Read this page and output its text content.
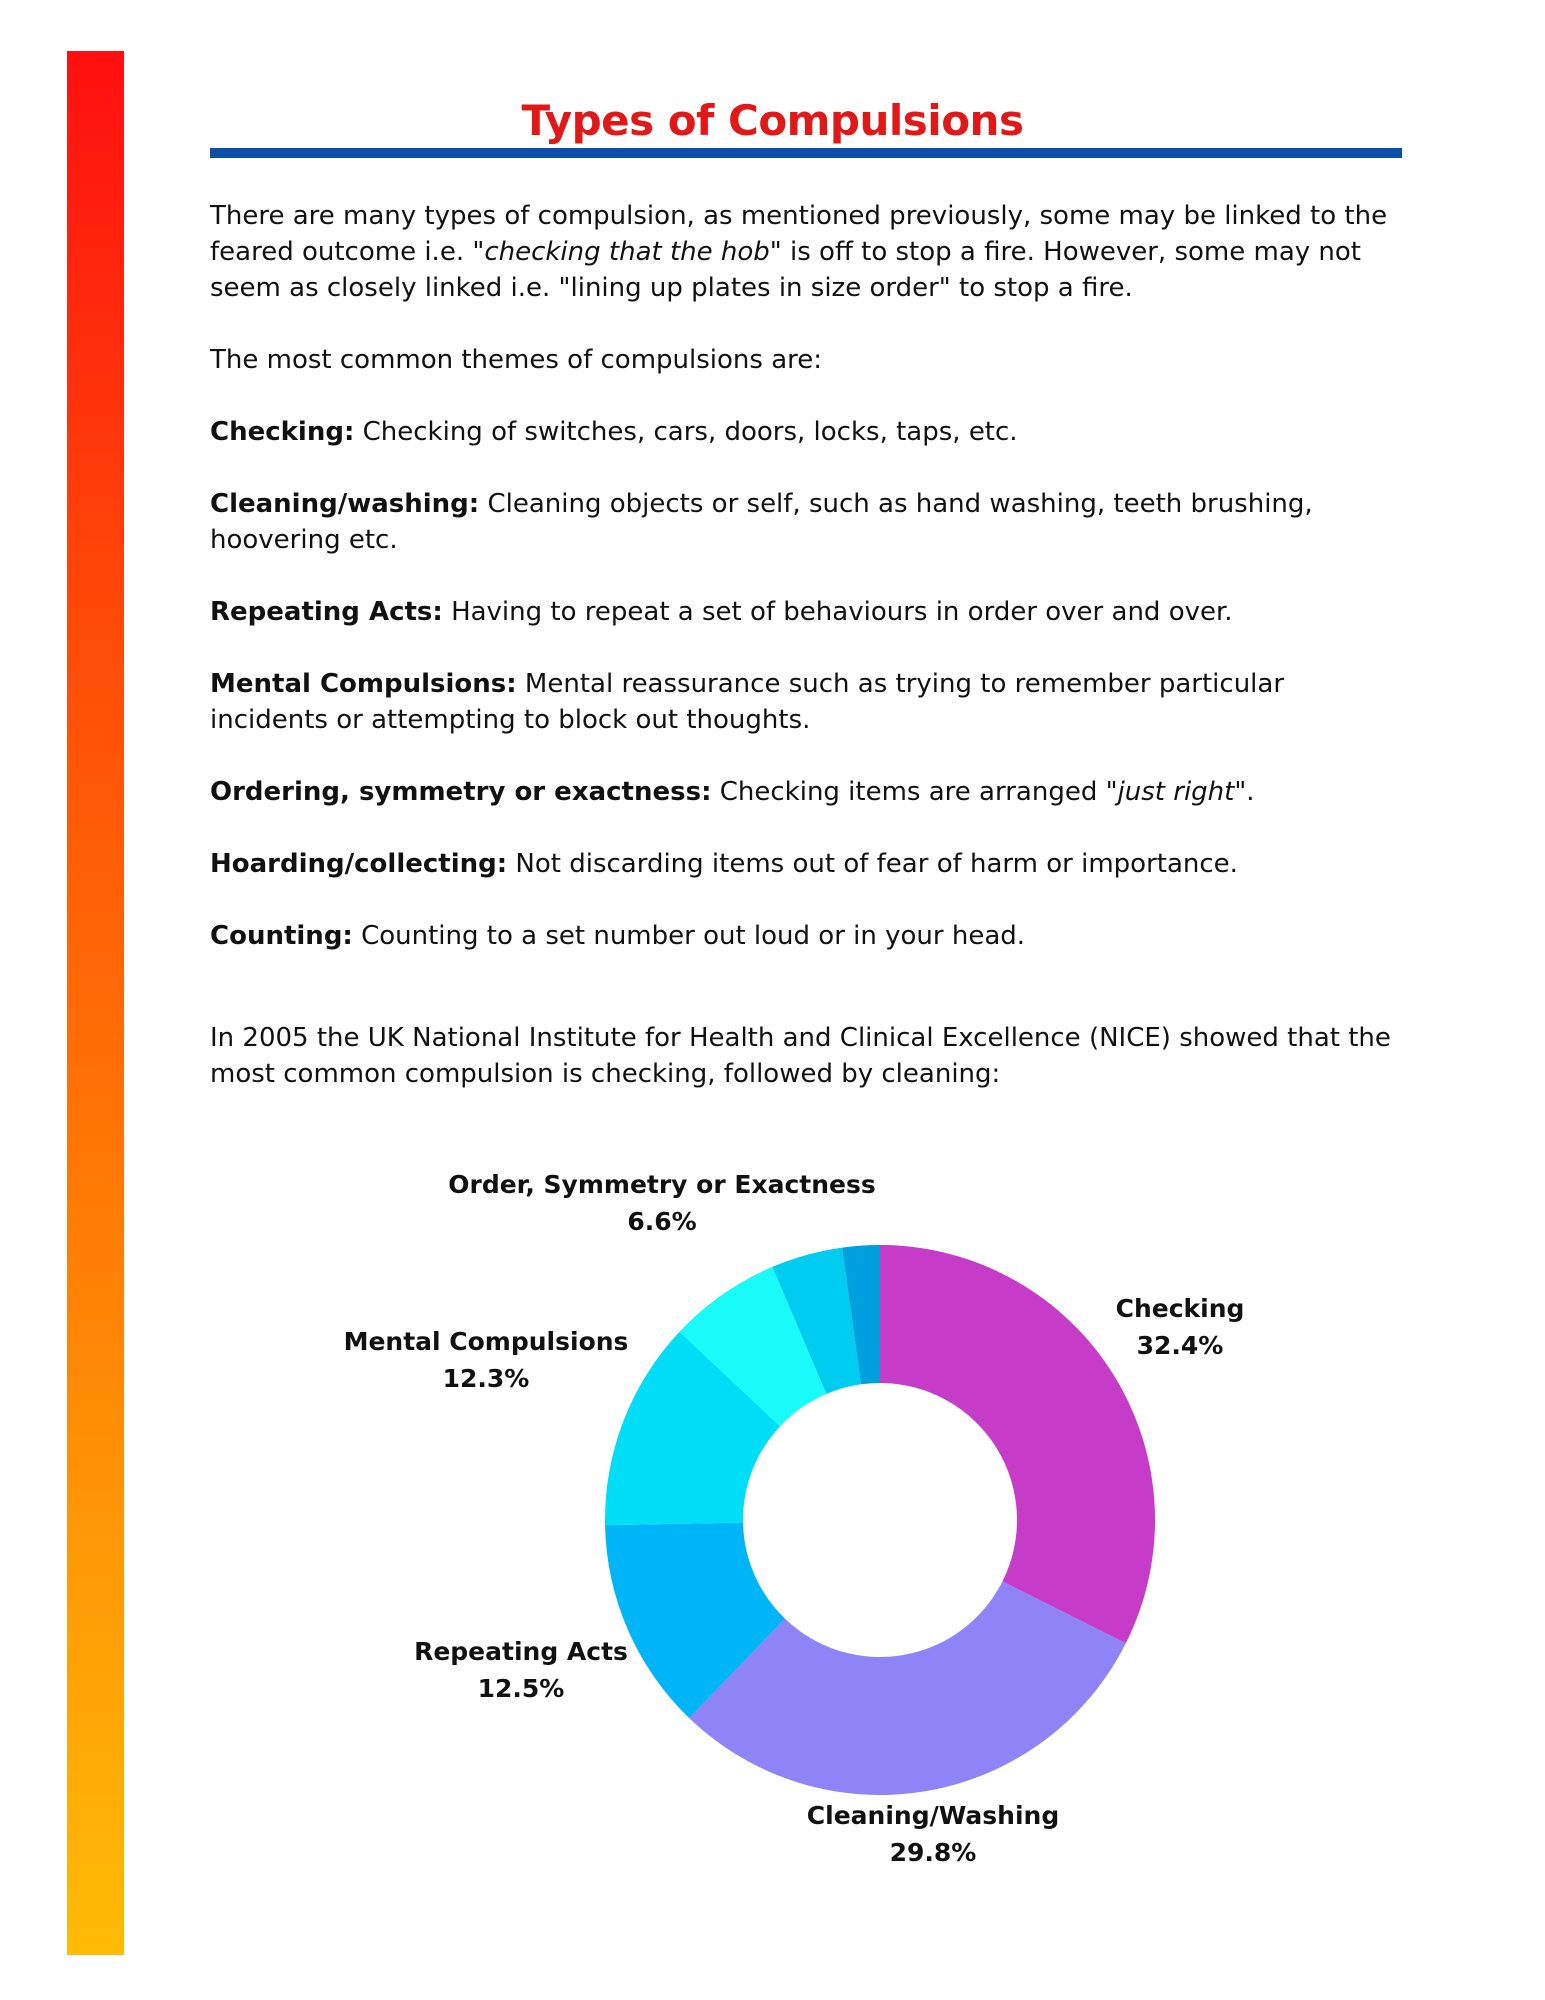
Types of Compulsions

There are many types of compulsion, as mentioned previously, some may be linked to the feared outcome i.e. "checking that the hob" is off to stop a fire. However, some may not seem as closely linked i.e. "lining up plates in size order" to stop a fire.

The most common themes of compulsions are:

Checking: Checking of switches, cars, doors, locks, taps, etc.

Cleaning/washing: Cleaning objects or self, such as hand washing, teeth brushing, hoovering etc.

Repeating Acts: Having to repeat a set of behaviours in order over and over.

Mental Compulsions: Mental reassurance such as trying to remember particular incidents or attempting to block out thoughts.

Ordering, symmetry or exactness: Checking items are arranged "just right".

Hoarding/collecting: Not discarding items out of fear of harm or importance.

Counting: Counting to a set number out loud or in your head.

In 2005 the UK National Institute for Health and Clinical Excellence (NICE) showed that the most common compulsion is checking, followed by cleaning:

Checking
32.4%
Cleaning/Washing
29.8%
Repeating Acts
12.5%
Mental Compulsions
12.3%
Order, Symmetry or Exactness
6.6%
